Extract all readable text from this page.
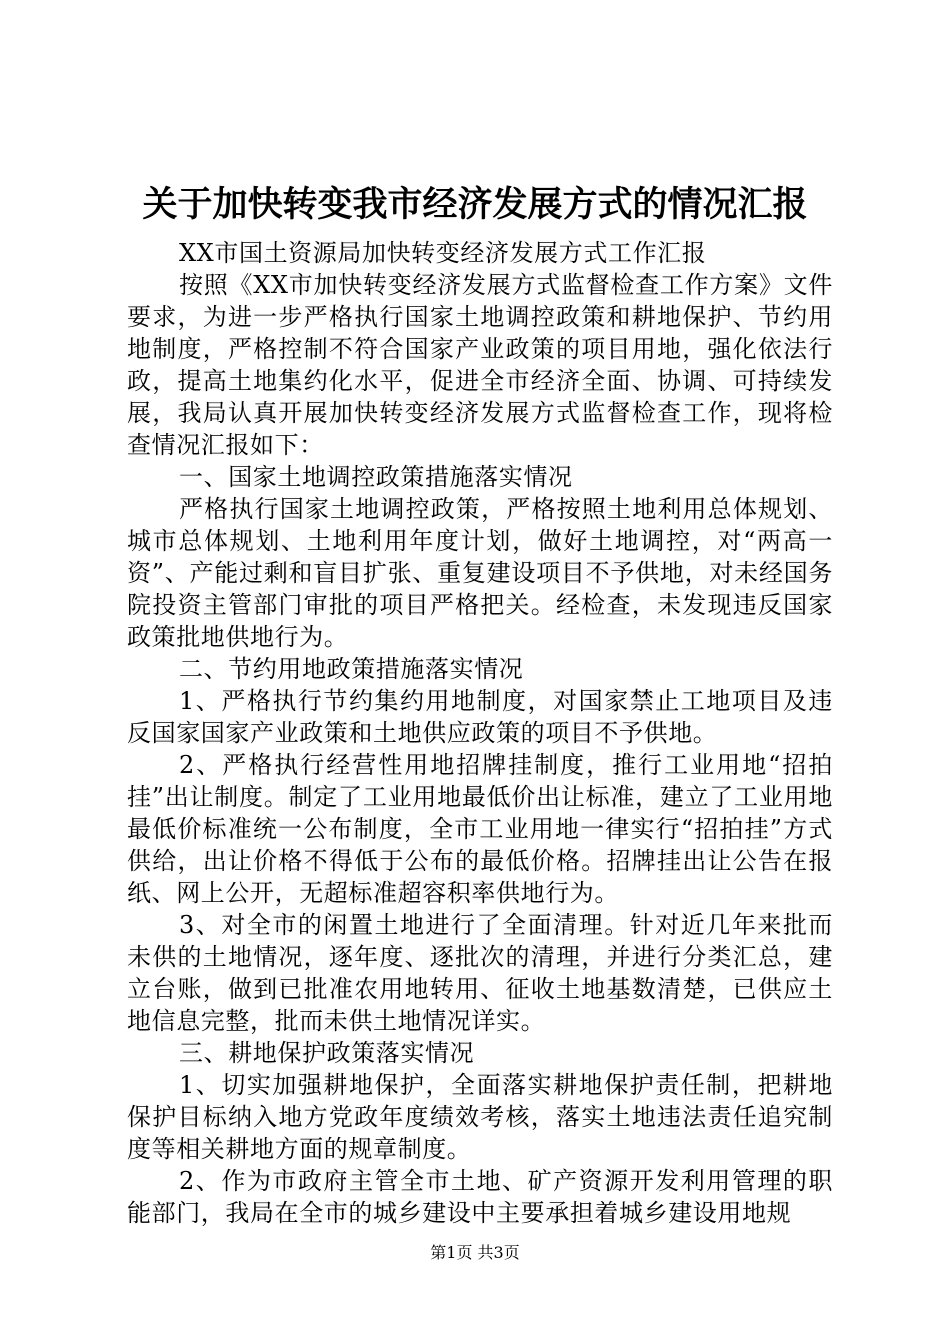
关于加快转变我市经济发展方式的情况汇报

XX市国土资源局加快转变经济发展方式工作汇报

按照《XX市加快转变经济发展方式监督检查工作方案》文件要求，为进一步严格执行国家土地调控政策和耕地保护、节约用地制度，严格控制不符合国家产业政策的项目用地，强化依法行政，提高土地集约化水平，促进全市经济全面、协调、可持续发展，我局认真开展加快转变经济发展方式监督检查工作，现将检查情况汇报如下：

一、国家土地调控政策措施落实情况

严格执行国家土地调控政策，严格按照土地利用总体规划、城市总体规划、土地利用年度计划，做好土地调控，对“两高一资”、产能过剩和盲目扩张、重复建设项目不予供地，对未经国务院投资主管部门审批的项目严格把关。经检查，未发现违反国家政策批地供地行为。

二、节约用地政策措施落实情况

1、严格执行节约集约用地制度，对国家禁止工地项目及违反国家国家产业政策和土地供应政策的项目不予供地。

2、严格执行经营性用地招牌挂制度，推行工业用地“招拍挂”出让制度。制定了工业用地最低价出让标准，建立了工业用地最低价标准统一公布制度，全市工业用地一律实行“招拍挂”方式供给，出让价格不得低于公布的最低价格。招牌挂出让公告在报纸、网上公开，无超标准超容积率供地行为。

3、对全市的闲置土地进行了全面清理。针对近几年来批而未供的土地情况，逐年度、逐批次的清理，并进行分类汇总，建立台账，做到已批准农用地转用、征收土地基数清楚，已供应土地信息完整，批而未供土地情况详实。

三、耕地保护政策落实情况

1、切实加强耕地保护，全面落实耕地保护责任制，把耕地保护目标纳入地方党政年度绩效考核，落实土地违法责任追究制度等相关耕地方面的规章制度。

2、作为市政府主管全市土地、矿产资源开发利用管理的职能部门，我局在全市的城乡建设中主要承担着城乡建设用地规

第1页 共3页
